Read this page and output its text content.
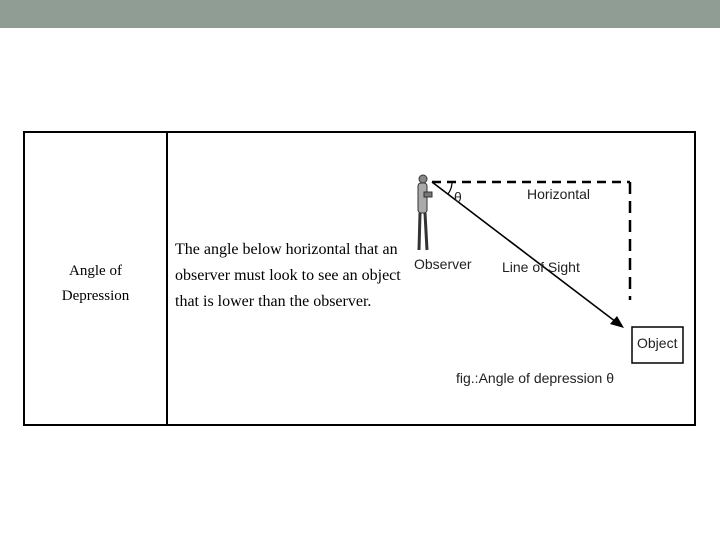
Angle of
Depression
The angle below horizontal that an observer must look to see an object that is lower than the observer.
θ	Horizontal
Observer Line of Sight
Object
fig.:Angle of depression θ
